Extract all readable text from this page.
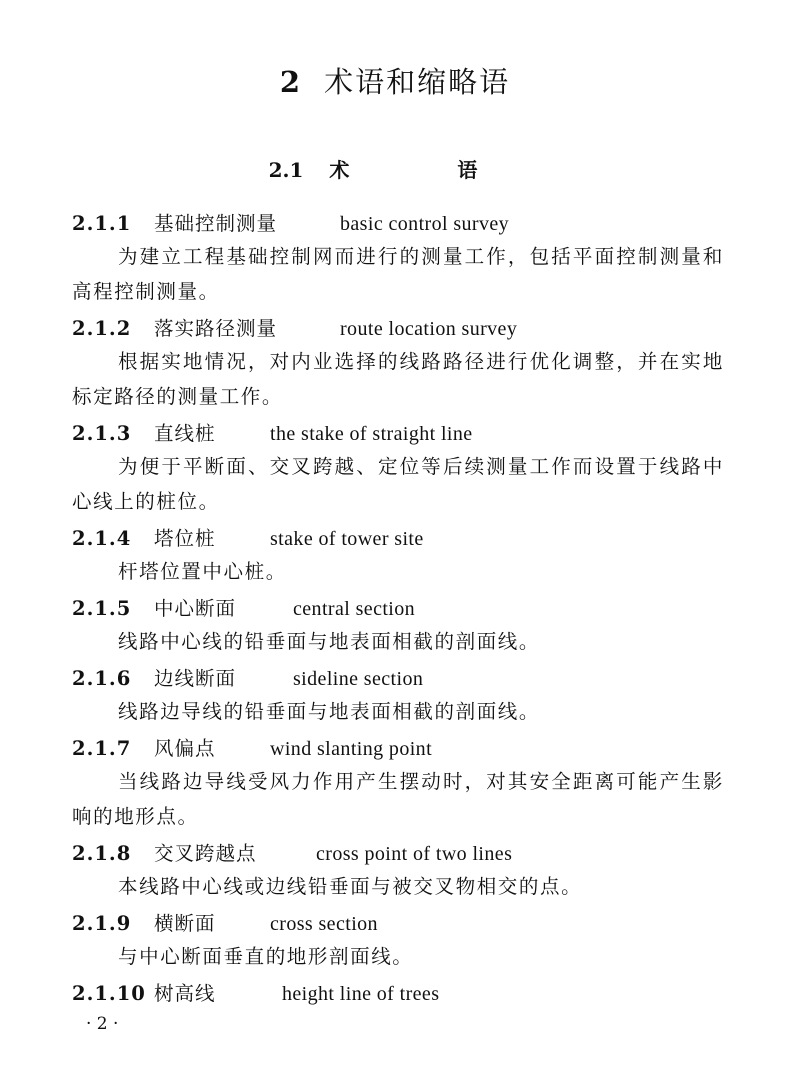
2 术语和缩略语
2.1 术　语
2.1.1 基础控制测量	basic control survey
为建立工程基础控制网而进行的测量工作，包括平面控制测量和高程控制测量。
2.1.2 落实路径测量	route location survey
根据实地情况，对内业选择的线路路径进行优化调整，并在实地标定路径的测量工作。
2.1.3 直线桩	the stake of straight line
为便于平断面、交叉跨越、定位等后续测量工作而设置于线路中心线上的桩位。
2.1.4 塔位桩	stake of tower site
杆塔位置中心桩。
2.1.5 中心断面	central section
线路中心线的铅垂面与地表面相截的剖面线。
2.1.6 边线断面	sideline section
线路边导线的铅垂面与地表面相截的剖面线。
2.1.7 风偏点	wind slanting point
当线路边导线受风力作用产生摆动时，对其安全距离可能产生影响的地形点。
2.1.8 交叉跨越点	cross point of two lines
本线路中心线或边线铅垂面与被交叉物相交的点。
2.1.9 横断面	cross section
与中心断面垂直的地形剖面线。
2.1.10 树高线	height line of trees
· 2 ·
